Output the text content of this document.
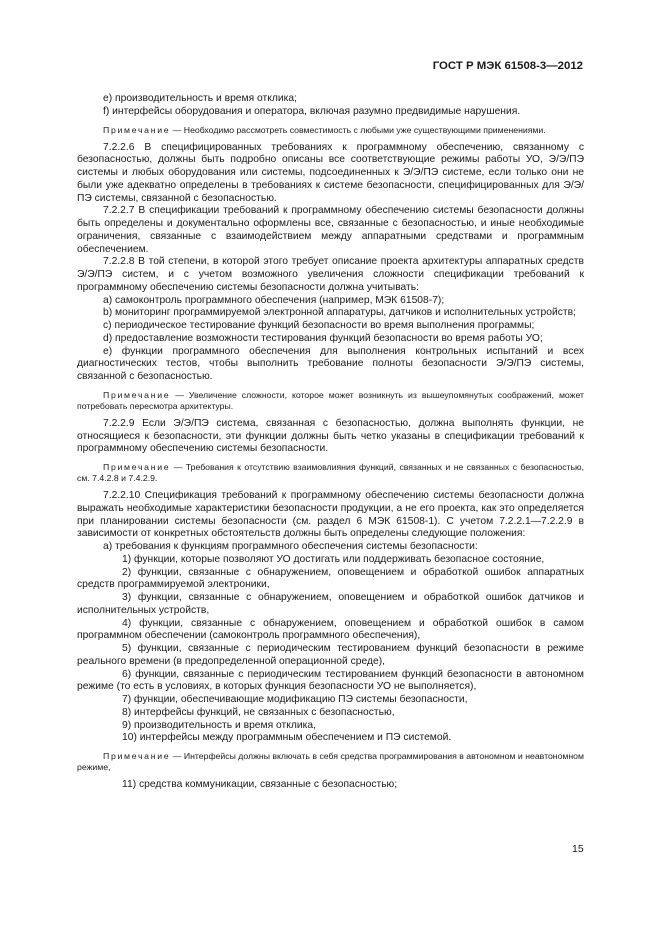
ГОСТ Р МЭК 61508-3—2012

e) производительность и время отклика;

f) интерфейсы оборудования и оператора, включая разумно предвидимые нарушения.

Примечание — Необходимо рассмотреть совместимость с любыми уже существующими применениями.

7.2.2.6 В специфицированных требованиях к программному обеспечению, связанному с безопасностью, должны быть подробно описаны все соответствующие режимы работы УО, Э/Э/ПЭ системы и любых оборудования или системы, подсоединенных к Э/Э/ПЭ системе, если только они не были уже адекватно определены в требованиях к системе безопасности, специфицированных для Э/Э/ПЭ системы, связанной с безопасностью.

7.2.2.7 В спецификации требований к программному обеспечению системы безопасности должны быть определены и документально оформлены все, связанные с безопасностью, и иные необходимые ограничения, связанные с взаимодействием между аппаратными средствами и программным обеспечением.

7.2.2.8 В той степени, в которой этого требует описание проекта архитектуры аппаратных средств Э/Э/ПЭ систем, и с учетом возможного увеличения сложности спецификации требований к программному обеспечению системы безопасности должна учитывать:

a) самоконтроль программного обеспечения (например, МЭК 61508-7);

b) мониторинг программируемой электронной аппаратуры, датчиков и исполнительных устройств;

c) периодическое тестирование функций безопасности во время выполнения программы;

d) предоставление возможности тестирования функций безопасности во время работы УО;

e) функции программного обеспечения для выполнения контрольных испытаний и всех диагностических тестов, чтобы выполнить требование полноты безопасности Э/Э/ПЭ системы, связанной с безопасностью.

Примечание — Увеличение сложности, которое может возникнуть из вышеупомянутых соображений, может потребовать пересмотра архитектуры.

7.2.2.9 Если Э/Э/ПЭ система, связанная с безопасностью, должна выполнять функции, не относящиеся к безопасности, эти функции должны быть четко указаны в спецификации требований к программному обеспечению системы безопасности.

Примечание — Требования к отсутствию взаимовлияния функций, связанных и не связанных с безопасностью, см. 7.4.2.8 и 7.4.2.9.

7.2.2.10 Спецификация требований к программному обеспечению системы безопасности должна выражать необходимые характеристики безопасности продукции, а не его проекта, как это определяется при планировании системы безопасности (см. раздел 6 МЭК 61508-1). С учетом 7.2.2.1—7.2.2.9 в зависимости от конкретных обстоятельств должны быть определены следующие положения:

a) требования к функциям программного обеспечения системы безопасности:

1) функции, которые позволяют УО достигать или поддерживать безопасное состояние,

2) функции, связанные с обнаружением, оповещением и обработкой ошибок аппаратных средств программируемой электроники,

3) функции, связанные с обнаружением, оповещением и обработкой ошибок датчиков и исполнительных устройств,

4) функции, связанные с обнаружением, оповещением и обработкой ошибок в самом программном обеспечении (самоконтроль программного обеспечения),

5) функции, связанные с периодическим тестированием функций безопасности в режиме реального времени (в предопределенной операционной среде),

6) функции, связанные с периодическим тестированием функций безопасности в автономном режиме (то есть в условиях, в которых функция безопасности УО не выполняется),

7) функции, обеспечивающие модификацию ПЭ системы безопасности,

8) интерфейсы функций, не связанных с безопасностью,

9) производительность и время отклика,

10) интерфейсы между программным обеспечением и ПЭ системой.

Примечание — Интерфейсы должны включать в себя средства программирования в автономном и неавтономном режиме,

11) средства коммуникации, связанные с безопасностью;

15
